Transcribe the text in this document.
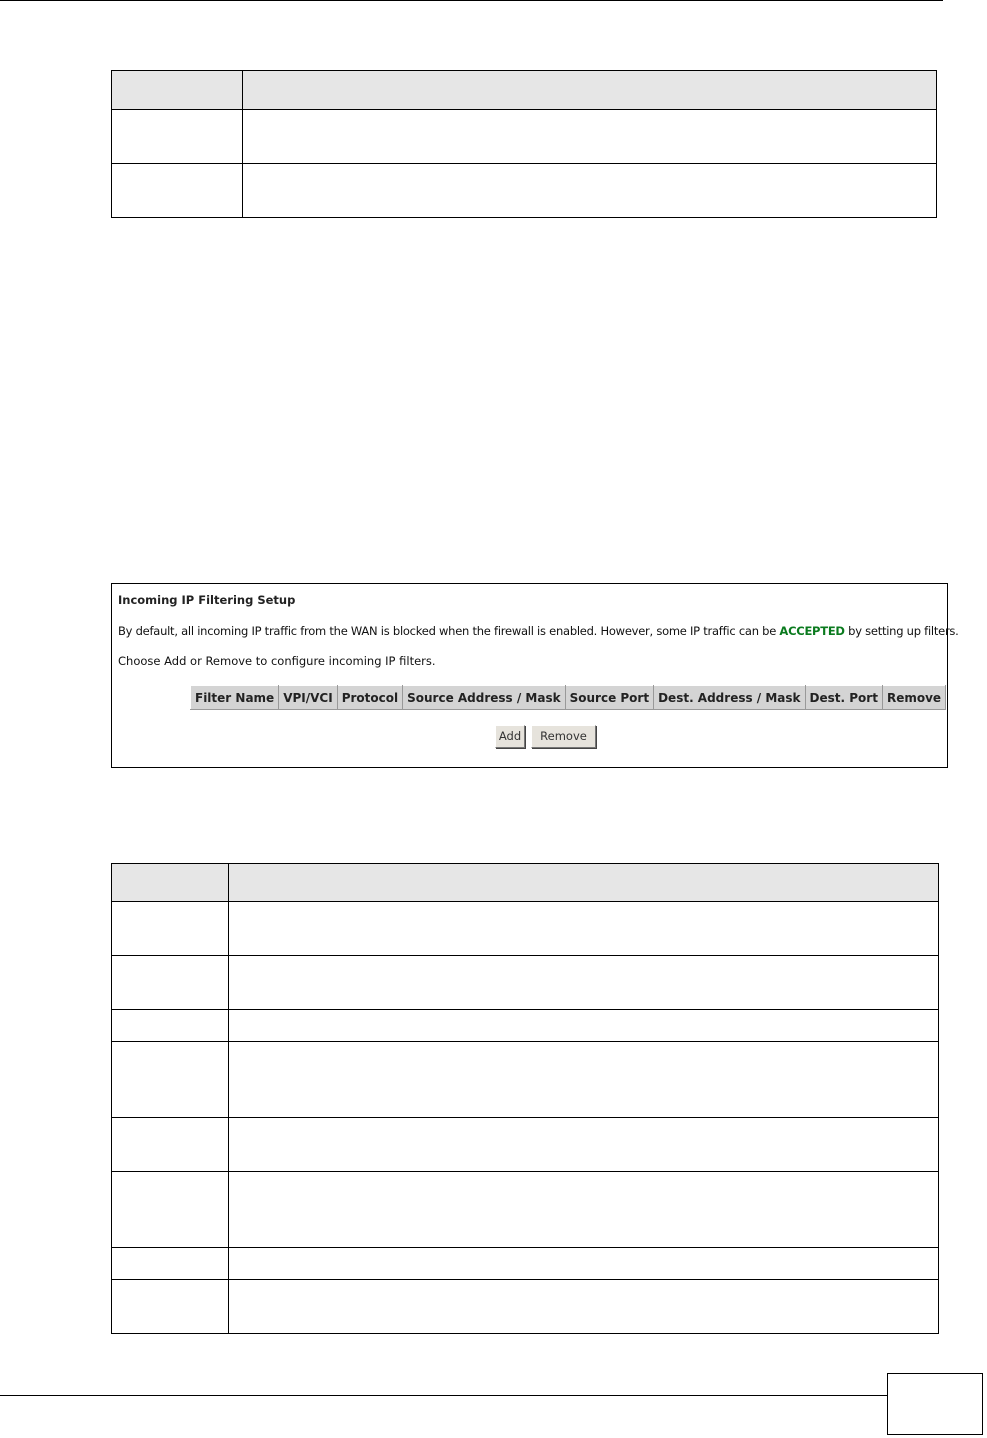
Incoming IP Filtering Setup
By default, all incoming IP traffic from the WAN is blocked when the firewall is enabled. However, some IP traffic can be ACCEPTED by setting up filters.
Choose Add or Remove to configure incoming IP filters.
Filter Name	VPI/VCI	Protocol	Source Address / Mask	Source Port	Dest. Address / Mask	Dest. Port	Remove
Add	Remove
